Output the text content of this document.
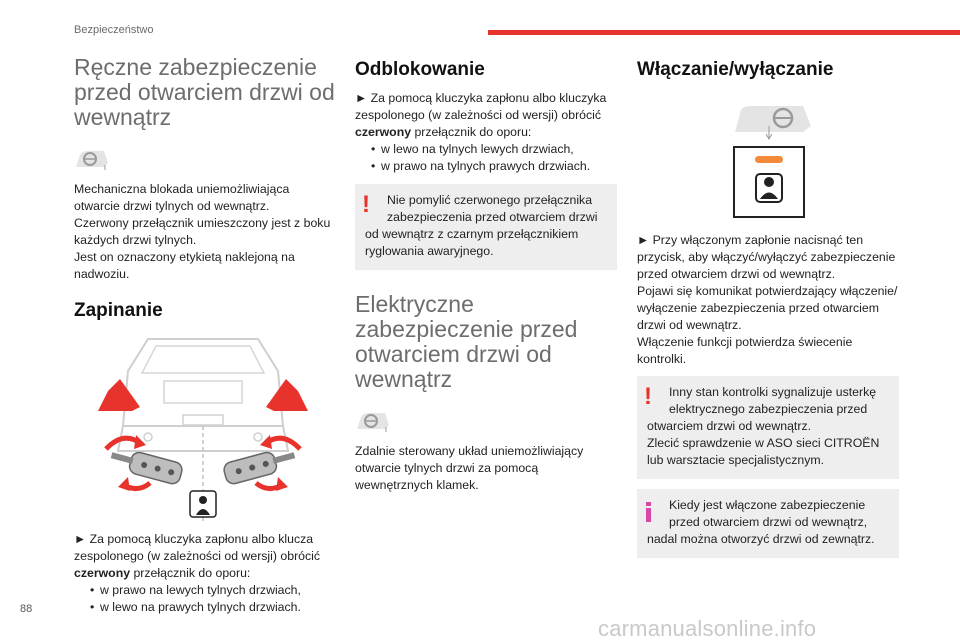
Bezpieczeństwo
Ręczne zabezpieczenie przed otwarciem drzwi od wewnątrz

Mechaniczna blokada uniemożliwiająca otwarcie drzwi tylnych od wewnątrz.

Czerwony przełącznik umieszczony jest z boku każdych drzwi tylnych.

Jest on oznaczony etykietą naklejoną na nadwoziu.

Zapinanie

► Za pomocą kluczyka zapłonu albo klucza zespolonego (w zależności od wersji) obrócić czerwony przełącznik do oporu:

• w prawo na lewych tylnych drzwiach,
• w lewo na prawych tylnych drzwiach.
Odblokowanie

► Za pomocą kluczyka zapłonu albo kluczyka zespolonego (w zależności od wersji) obrócić czerwony przełącznik do oporu:

• w lewo na tylnych lewych drzwiach,
• w prawo na tylnych prawych drzwiach.
!	Nie pomylić czerwonego przełącznika zabezpieczenia przed otwarciem drzwi
od wewnątrz z czarnym przełącznikiem ryglowania awaryjnego.
Elektryczne zabezpieczenie przed otwarciem drzwi od wewnątrz

Zdalnie sterowany układ uniemożliwiający otwarcie tylnych drzwi za pomocą wewnętrznych klamek.

Włączanie/wyłączanie

► Przy włączonym zapłonie nacisnąć ten przycisk, aby włączyć/wyłączyć zabezpieczenie przed otwarciem drzwi od wewnątrz.

Pojawi się komunikat potwierdzający włączenie/ wyłączenie zabezpieczenia przed otwarciem drzwi od wewnątrz.

Włączenie funkcji potwierdza świecenie kontrolki.

!	Inny stan kontrolki sygnalizuje usterkę elektrycznego zabezpieczenia przed
otwarciem drzwi od wewnątrz.
Zlecić sprawdzenie w ASO sieci CITROËN lub warsztacie specjalistycznym.
Kiedy jest włączone zabezpieczenie przed otwarciem drzwi od wewnątrz,
nadal można otworzyć drzwi od zewnątrz.
88
carmanualsonline.info
